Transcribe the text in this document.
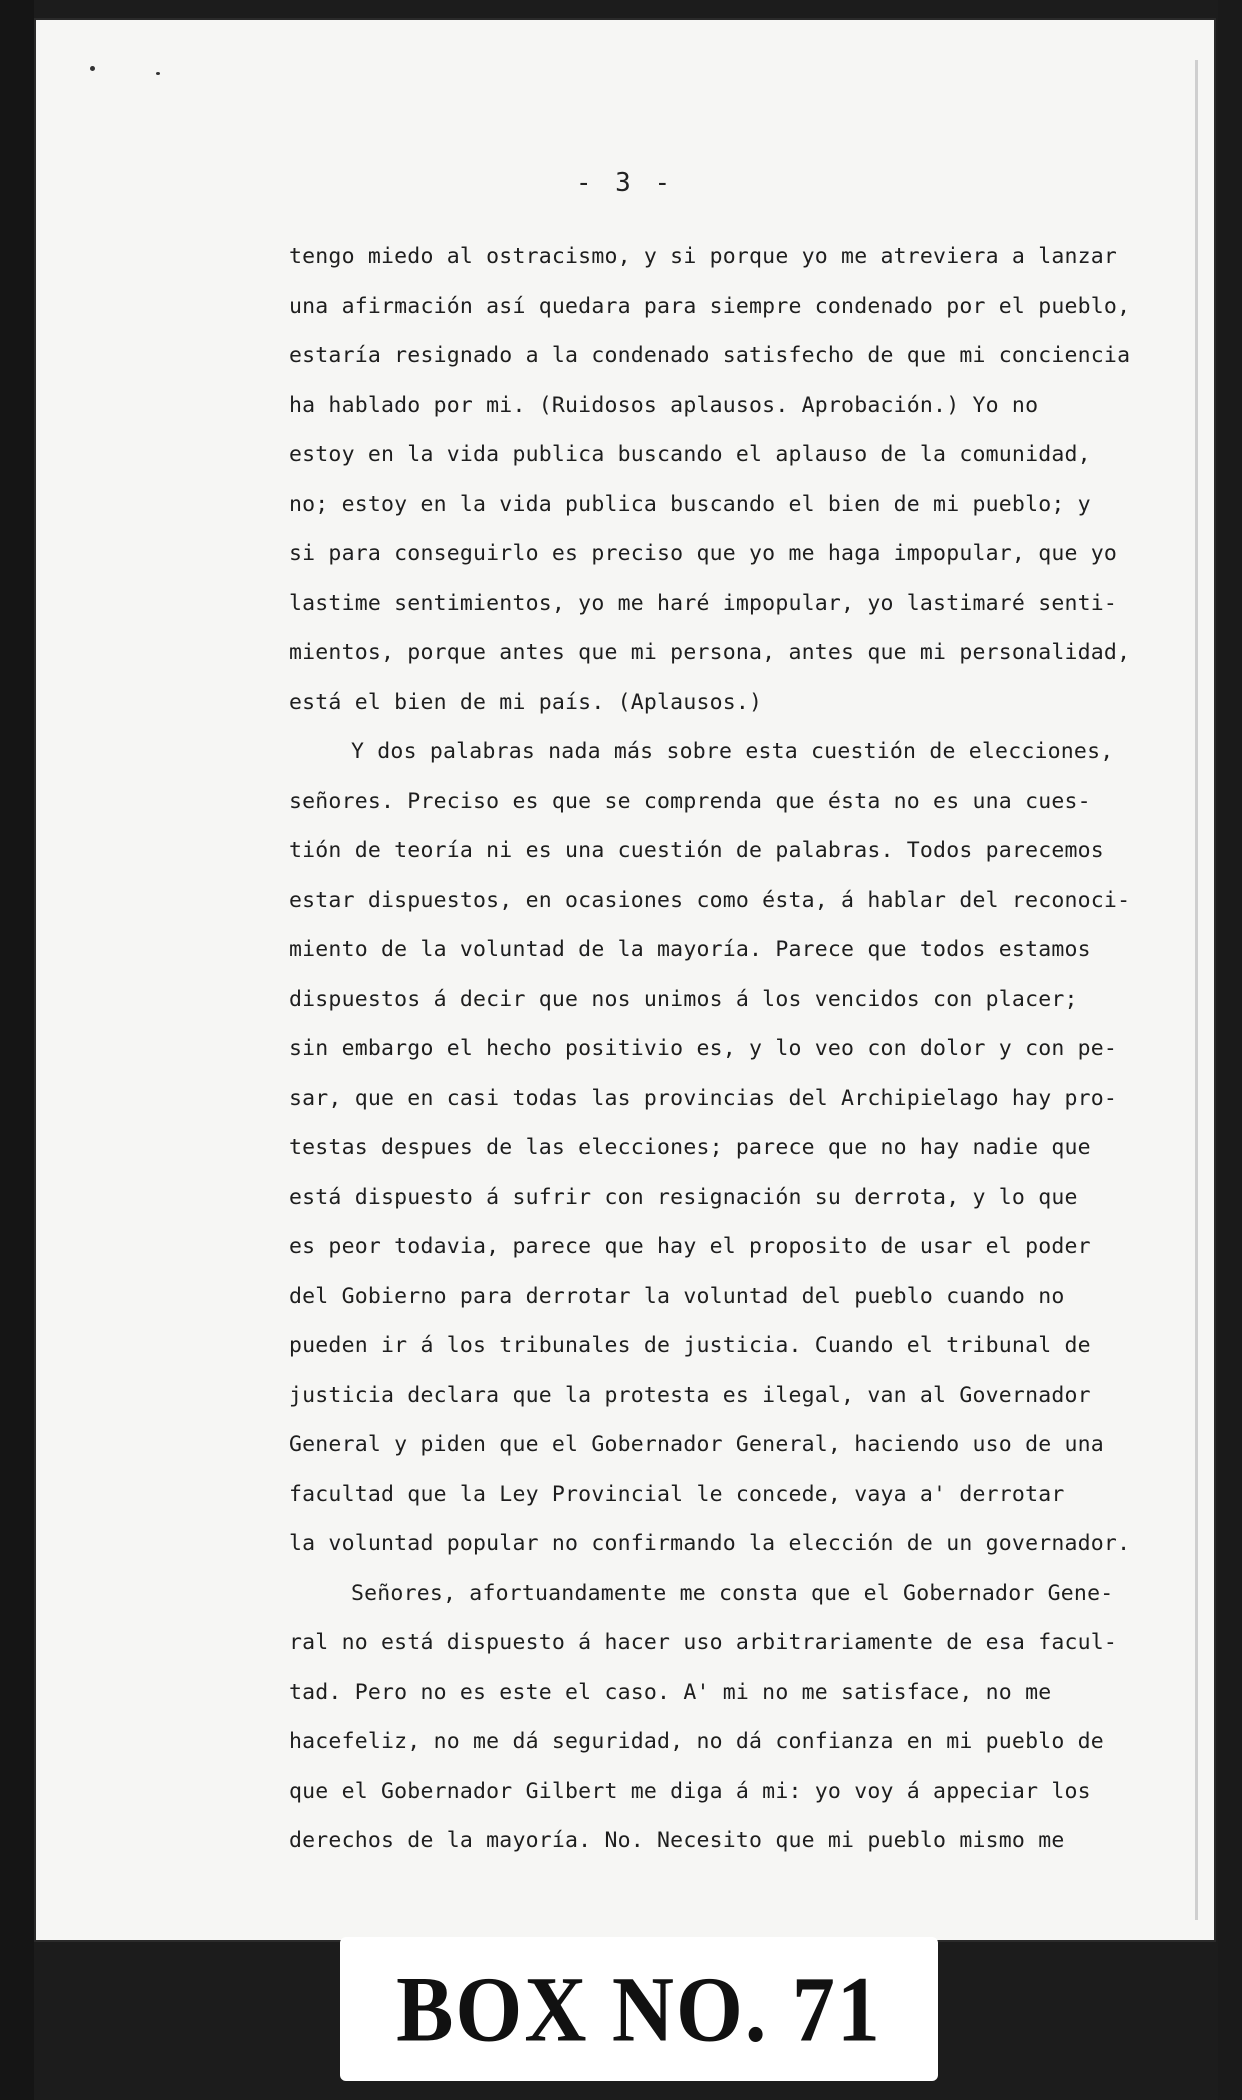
- 3 -
tengo miedo al ostracismo, y si porque yo me atreviera a lanzar
una afirmación así quedara para siempre condenado por el pueblo,
estaría resignado a la condenado satisfecho de que mi conciencia
ha hablado por mi. (Ruidosos aplausos. Aprobación.) Yo no
estoy en la vida publica buscando el aplauso de la comunidad,
no; estoy en la vida publica buscando el bien de mi pueblo; y
si para conseguirlo es preciso que yo me haga impopular, que yo
lastime sentimientos, yo me haré impopular, yo lastimaré senti-
mientos, porque antes que mi persona, antes que mi personalidad,
está el bien de mi país. (Aplausos.)
Y dos palabras nada más sobre esta cuestión de elecciones,
señores. Preciso es que se comprenda que ésta no es una cues-
tión de teoría ni es una cuestión de palabras. Todos parecemos
estar dispuestos, en ocasiones como ésta, á hablar del reconoci-
miento de la voluntad de la mayoría. Parece que todos estamos
dispuestos á decir que nos unimos á los vencidos con placer;
sin embargo el hecho positivio es, y lo veo con dolor y con pe-
sar, que en casi todas las provincias del Archipielago hay pro-
testas despues de las elecciones; parece que no hay nadie que
está dispuesto á sufrir con resignación su derrota, y lo que
es peor todavia, parece que hay el proposito de usar el poder
del Gobierno para derrotar la voluntad del pueblo cuando no
pueden ir á los tribunales de justicia. Cuando el tribunal de
justicia declara que la protesta es ilegal, van al Governador
General y piden que el Gobernador General, haciendo uso de una
facultad que la Ley Provincial le concede, vaya a' derrotar
la voluntad popular no confirmando la elección de un governador.
Señores, afortuandamente me consta que el Gobernador Gene-
ral no está dispuesto á hacer uso arbitrariamente de esa facul-
tad. Pero no es este el caso. A' mi no me satisface, no me
hacefeliz, no me dá seguridad, no dá confianza en mi pueblo de
que el Gobernador Gilbert me diga á mi: yo voy á appeciar los
derechos de la mayoría. No. Necesito que mi pueblo mismo me
BOX NO. 71
